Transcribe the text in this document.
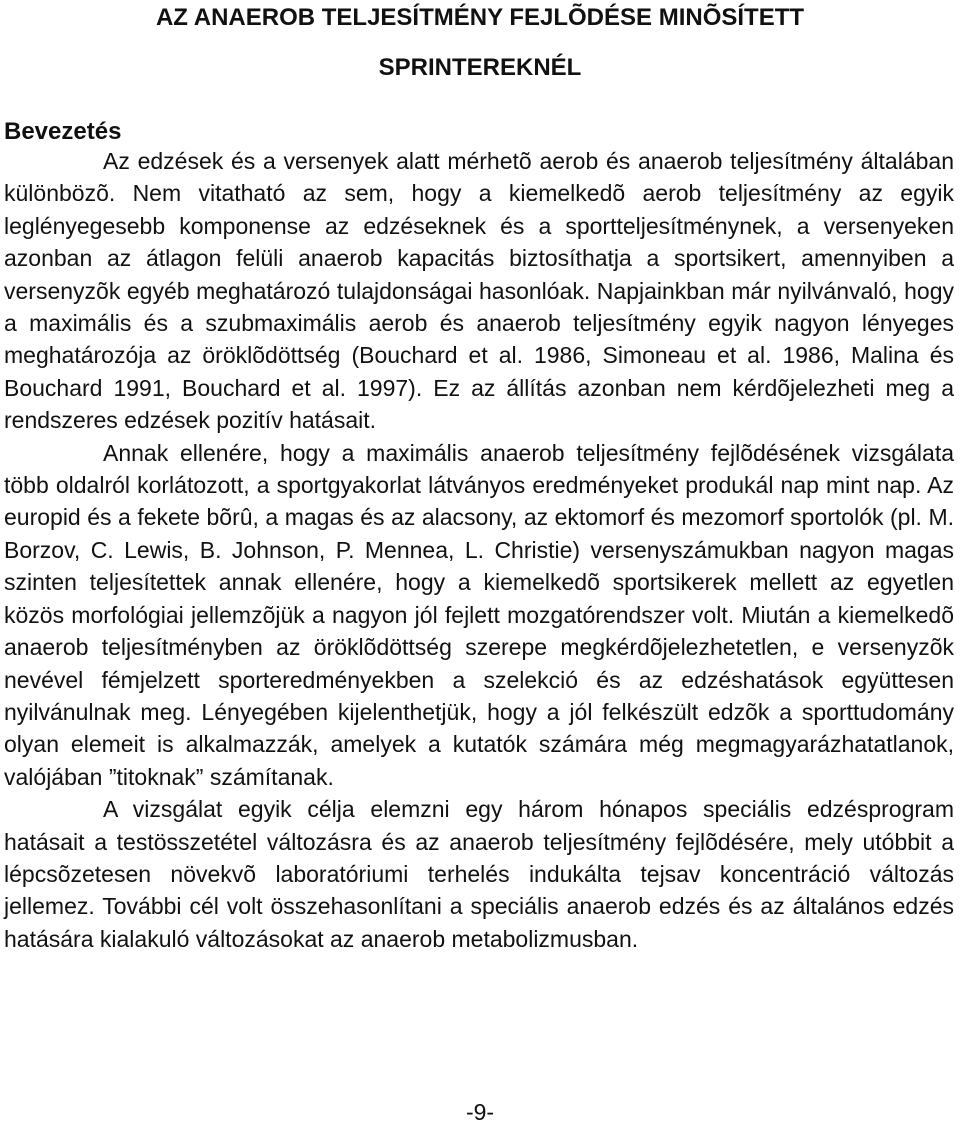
AZ ANAEROB TELJESÍTMÉNY FEJLÕDÉSE MINÕSÍTETT
SPRINTEREKNÉL
Bevezetés

Az edzések és a versenyek alatt mérhetõ aerob és anaerob teljesítmény általában különbözõ. Nem vitatható az sem, hogy a kiemelkedõ aerob teljesítmény az egyik leglényegesebb komponense az edzéseknek és a sportteljesítménynek, a versenyeken azonban az átlagon felüli anaerob kapacitás biztosíthatja a sportsikert, amennyiben a versenyzõk egyéb meghatározó tulajdonságai hasonlóak. Napjainkban már nyilvánvaló, hogy a maximális és a szubmaximális aerob és anaerob teljesítmény egyik nagyon lényeges meghatározója az öröklõdöttség (Bouchard et al. 1986, Simoneau et al. 1986, Malina és Bouchard 1991, Bouchard et al. 1997). Ez az állítás azonban nem kérdõjelezheti meg a rendszeres edzések pozitív hatásait.

Annak ellenére, hogy a maximális anaerob teljesítmény fejlõdésének vizsgálata több oldalról korlátozott, a sportgyakorlat látványos eredményeket produkál nap mint nap. Az europid és a fekete bõrû, a magas és az alacsony, az ektomorf és mezomorf sportolók (pl. M. Borzov, C. Lewis, B. Johnson, P. Mennea, L. Christie) versenyszámukban nagyon magas szinten teljesítettek annak ellenére, hogy a kiemelkedõ sportsikerek mellett az egyetlen közös morfológiai jellemzõjük a nagyon jól fejlett mozgatórendszer volt. Miután a kiemelkedõ anaerob teljesítményben az öröklõdöttség szerepe megkérdõjelezhetetlen, e versenyzõk nevével fémjelzett sporteredményekben a szelekció és az edzéshatások együttesen nyilvánulnak meg. Lényegében kijelenthetjük, hogy a jól felkészült edzõk a sporttudomány olyan elemeit is alkalmazzák, amelyek a kutatók számára még megmagyarázhatatlanok, valójában ”titoknak” számítanak.

A vizsgálat egyik célja elemzni egy három hónapos speciális edzésprogram hatásait a testösszetétel változásra és az anaerob teljesítmény fejlõdésére, mely utóbbit a lépcsõzetesen növekvõ laboratóriumi terhelés indukálta tejsav koncentráció változás jellemez. További cél volt összehasonlítani a speciális anaerob edzés és az általános edzés hatására kialakuló változásokat az anaerob metabolizmusban.

-9-
